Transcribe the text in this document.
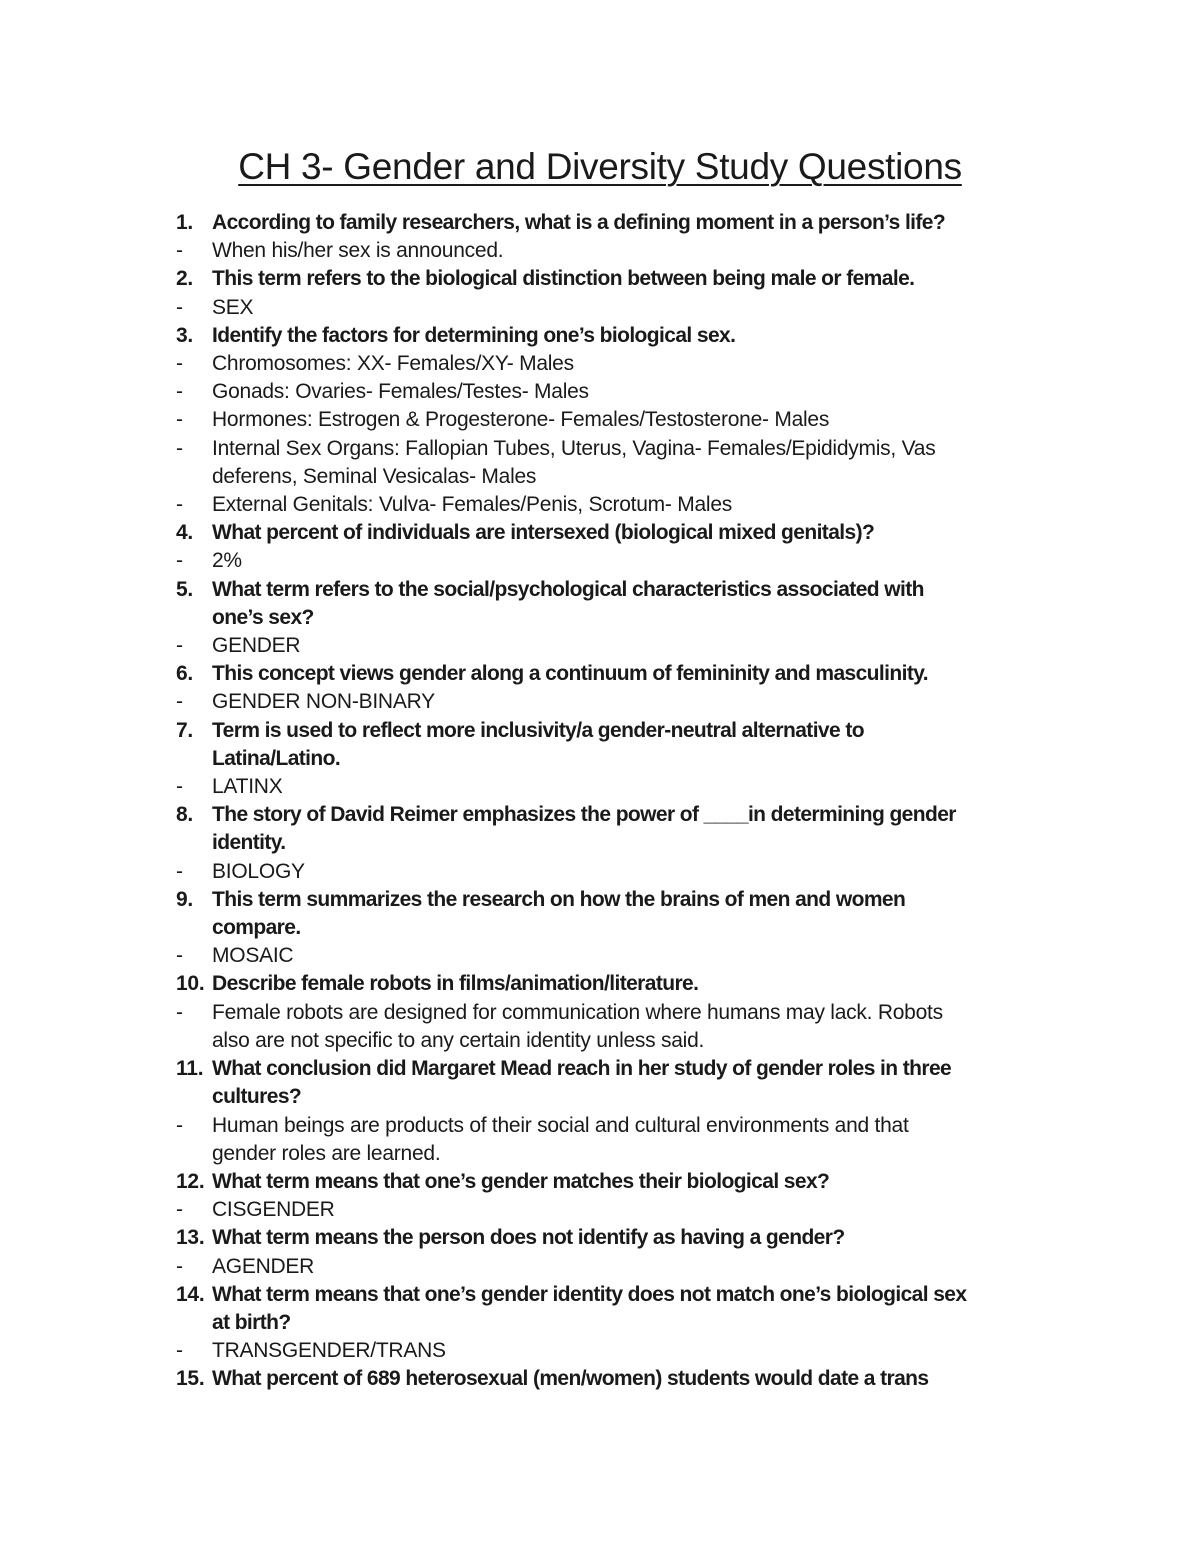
CH 3- Gender and Diversity Study Questions
1. According to family researchers, what is a defining moment in a person’s life?
-	When his/her sex is announced.
2. This term refers to the biological distinction between being male or female.
-	SEX
3. Identify the factors for determining one’s biological sex.
-	Chromosomes: XX- Females/XY- Males
-	Gonads: Ovaries- Females/Testes- Males
-	Hormones: Estrogen & Progesterone- Females/Testosterone- Males
-	Internal Sex Organs: Fallopian Tubes, Uterus, Vagina- Females/Epididymis, Vas
deferens, Seminal Vesicalas- Males
-	External Genitals: Vulva- Females/Penis, Scrotum- Males
4. What percent of individuals are intersexed (biological mixed genitals)?
-	2%
5. What term refers to the social/psychological characteristics associated with
one’s sex?
-	GENDER
6. This concept views gender along a continuum of femininity and masculinity.
-	GENDER NON-BINARY
7. Term is used to reflect more inclusivity/a gender-neutral alternative to
Latina/Latino.
-	LATINX
8. The story of David Reimer emphasizes the power of ____in determining gender
identity.
-	BIOLOGY
9. This term summarizes the research on how the brains of men and women
compare.
-	MOSAIC
10. Describe female robots in films/animation/literature.
-	Female robots are designed for communication where humans may lack. Robots
also are not specific to any certain identity unless said.
11. What conclusion did Margaret Mead reach in her study of gender roles in three
cultures?
-	Human beings are products of their social and cultural environments and that
gender roles are learned.
12. What term means that one’s gender matches their biological sex?
-	CISGENDER
13. What term means the person does not identify as having a gender?
-	AGENDER
14. What term means that one’s gender identity does not match one’s biological sex
at birth?
-	TRANSGENDER/TRANS
15. What percent of 689 heterosexual (men/women) students would date a trans
